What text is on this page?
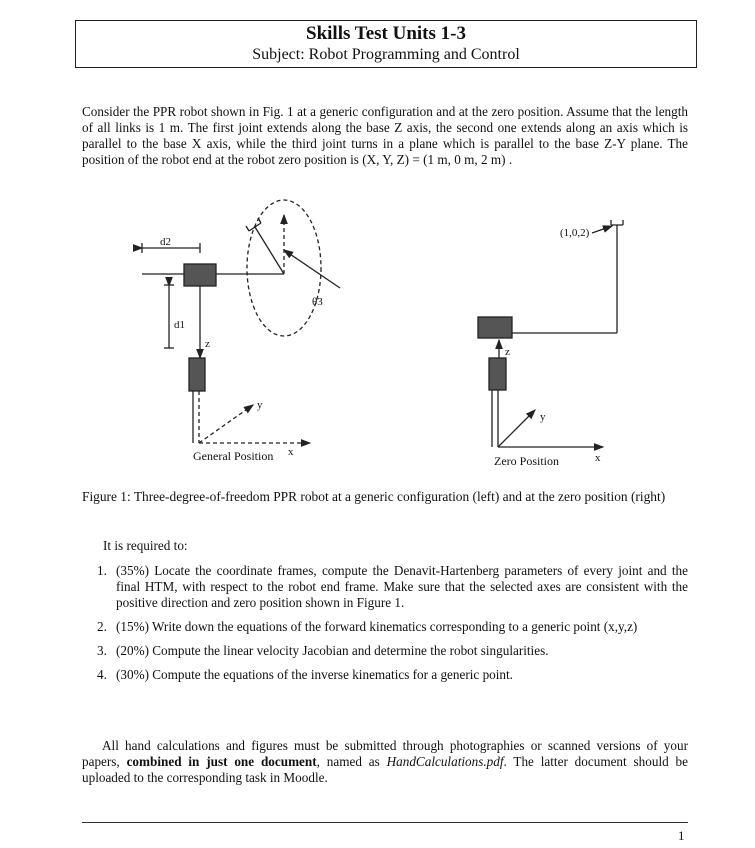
Skills Test Units 1-3
Subject: Robot Programming and Control
Consider the PPR robot shown in Fig. 1 at a generic configuration and at the zero position. Assume that the length of all links is 1 m. The first joint extends along the base Z axis, the second one extends along an axis which is parallel to the base X axis, while the third joint turns in a plane which is parallel to the base Z-Y plane. The position of the robot end at the robot zero position is (X, Y, Z) = (1 m, 0 m, 2 m) .
d2
d1
z
y
x
θ3
General Position
(1,0,2)
z
y
x
Zero Position
Figure 1: Three-degree-of-freedom PPR robot at a generic configuration (left) and at the zero position (right)
It is required to:
1. (35%) Locate the coordinate frames, compute the Denavit-Hartenberg parameters of every joint and the final HTM, with respect to the robot end frame. Make sure that the selected axes are consistent with the positive direction and zero position shown in Figure 1.
2. (15%) Write down the equations of the forward kinematics corresponding to a generic point (x,y,z)
3. (20%) Compute the linear velocity Jacobian and determine the robot singularities.
4. (30%) Compute the equations of the inverse kinematics for a generic point.
All hand calculations and figures must be submitted through photographies or scanned versions of your papers, combined in just one document, named as HandCalculations.pdf. The latter document should be uploaded to the corresponding task in Moodle.
1
